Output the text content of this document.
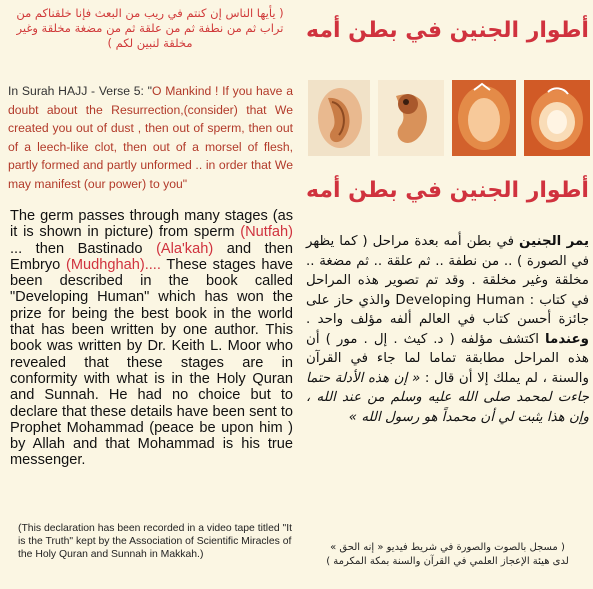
( يأيها الناس إن كنتم في ريب من البعث فإنا خلقناكم من تراب ثم من نطفة ثم من علقة ثم من مضغة مخلقة وغير مخلقة لنبين لكم )
In Surah HAJJ - Verse 5: "O Mankind ! If you have a doubt about the Resurrection,(consider) that We created you out of dust , then out of sperm, then out of a leech-like clot, then out of a morsel of flesh, partly formed and partly unformed .. in order that We may manifest (our power) to you"
The germ passes through many stages (as it is shown in picture) from sperm (Nutfah) ... then Bastinado (Ala'kah) and then Embryo (Mudhghah).... These stages have been described in the book called "Developing Human" which has won the prize for being the best book in the world that has been written by one author. This book was written by Dr. Keith L. Moor who revealed that these stages are in conformity with what is in the Holy Quran and Sunnah. He had no choice but to declare that these details have been sent to Prophet Mohammad (peace be upon him ) by Allah and that Mohammad is his true messenger.
(This declaration has been recorded in a video tape titled "It is the Truth" kept by the Association of Scientific Miracles of the Holy Quran and Sunnah in Makkah.)
أطوار الجنين في بطن أمه
أطوار الجنين في بطن أمه
يمر الجنين في بطن أمه بعدة مراحل ( كما يظهر في الصورة ) .. من نطفة .. ثم علقة .. ثم مضغة .. مخلقة وغير مخلقة . وقد تم تصوير هذه المراحل في كتاب : Developing Human والذي حاز على جائزة أحسن كتاب في العالم ألفه مؤلف واحد . وعندما اكتشف مؤلفه ( د. كيث . إل . مور ) أن هذه المراحل مطابقة تماما لما جاء في القرآن والسنة ، لم يملك إلا أن قال : « إن هذه الأدلة حتما جاءت لمحمد صلى الله عليه وسلم من عند الله ، وإن هذا يثبت لي أن محمداً هو رسول الله »
( مسجل بالصوت والصورة في شريط فيديو « إنه الحق »
لدى هيئة الإعجاز العلمي في القرآن والسنة بمكة المكرمة )
